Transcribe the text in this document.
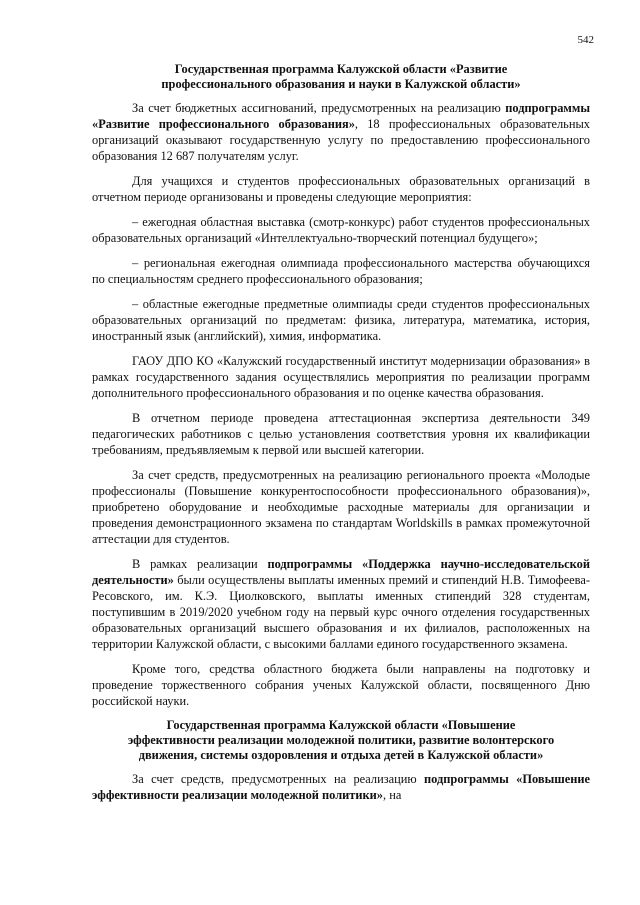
542
Государственная программа Калужской области «Развитие
профессионального образования и науки в Калужской области»

За счет бюджетных ассигнований, предусмотренных на реализацию подпрограммы «Развитие профессионального образования», 18 профессиональных образовательных организаций оказывают государственную услугу по предоставлению профессионального образования 12 687 получателям услуг.

Для учащихся и студентов профессиональных образовательных организаций в отчетном периоде организованы и проведены следующие мероприятия:

– ежегодная областная выставка (смотр-конкурс) работ студентов профессиональных образовательных организаций «Интеллектуально-творческий потенциал будущего»;

– региональная ежегодная олимпиада профессионального мастерства обучающихся по специальностям среднего профессионального образования;

– областные ежегодные предметные олимпиады среди студентов профессиональных образовательных организаций по предметам: физика, литература, математика, история, иностранный язык (английский), химия, информатика.

ГАОУ ДПО КО «Калужский государственный институт модернизации образования» в рамках государственного задания осуществлялись мероприятия по реализации программ дополнительного профессионального образования и по оценке качества образования.

В отчетном периоде проведена аттестационная экспертиза деятельности 349 педагогических работников с целью установления соответствия уровня их квалификации требованиям, предъявляемым к первой или высшей категории.

За счет средств, предусмотренных на реализацию регионального проекта «Молодые профессионалы (Повышение конкурентоспособности профессионального образования)», приобретено оборудование и необходимые расходные материалы для организации и проведения демонстрационного экзамена по стандартам Worldskills в рамках промежуточной аттестации для студентов.

В рамках реализации подпрограммы «Поддержка научно-исследовательской деятельности» были осуществлены выплаты именных премий и стипендий Н.В. Тимофеева-Ресовского, им. К.Э. Циолковского, выплаты именных стипендий 328 студентам, поступившим в 2019/2020 учебном году на первый курс очного отделения государственных образовательных организаций высшего образования и их филиалов, расположенных на территории Калужской области, с высокими баллами единого государственного экзамена.

Кроме того, средства областного бюджета были направлены на подготовку и проведение торжественного собрания ученых Калужской области, посвященного Дню российской науки.

Государственная программа Калужской области «Повышение
эффективности реализации молодежной политики, развитие волонтерского
движения, системы оздоровления и отдыха детей в Калужской области»

За счет средств, предусмотренных на реализацию подпрограммы «Повышение эффективности реализации молодежной политики», на
